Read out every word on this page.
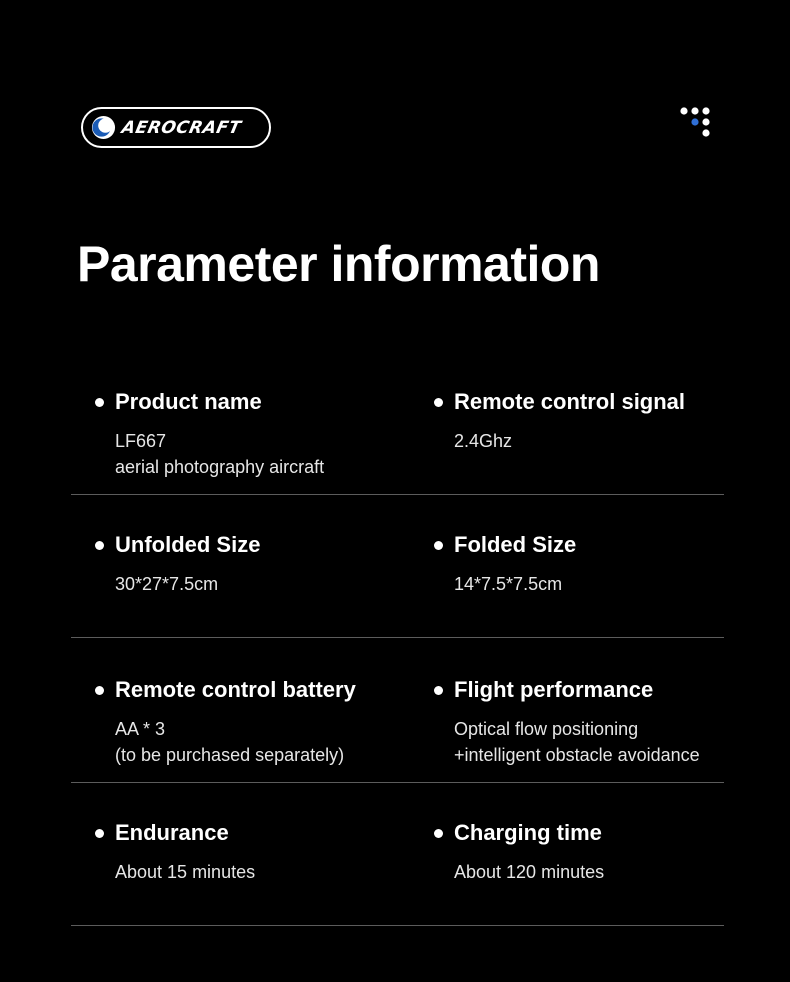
AEROCRAFT
Parameter information
Product name
LF667
aerial photography aircraft
Remote control signal
2.4Ghz
Unfolded Size
30*27*7.5cm
Folded Size
14*7.5*7.5cm
Remote control battery
AA * 3
(to be purchased separately)
Flight performance
Optical flow positioning
+intelligent obstacle avoidance
Endurance
About 15 minutes
Charging time
About 120 minutes
